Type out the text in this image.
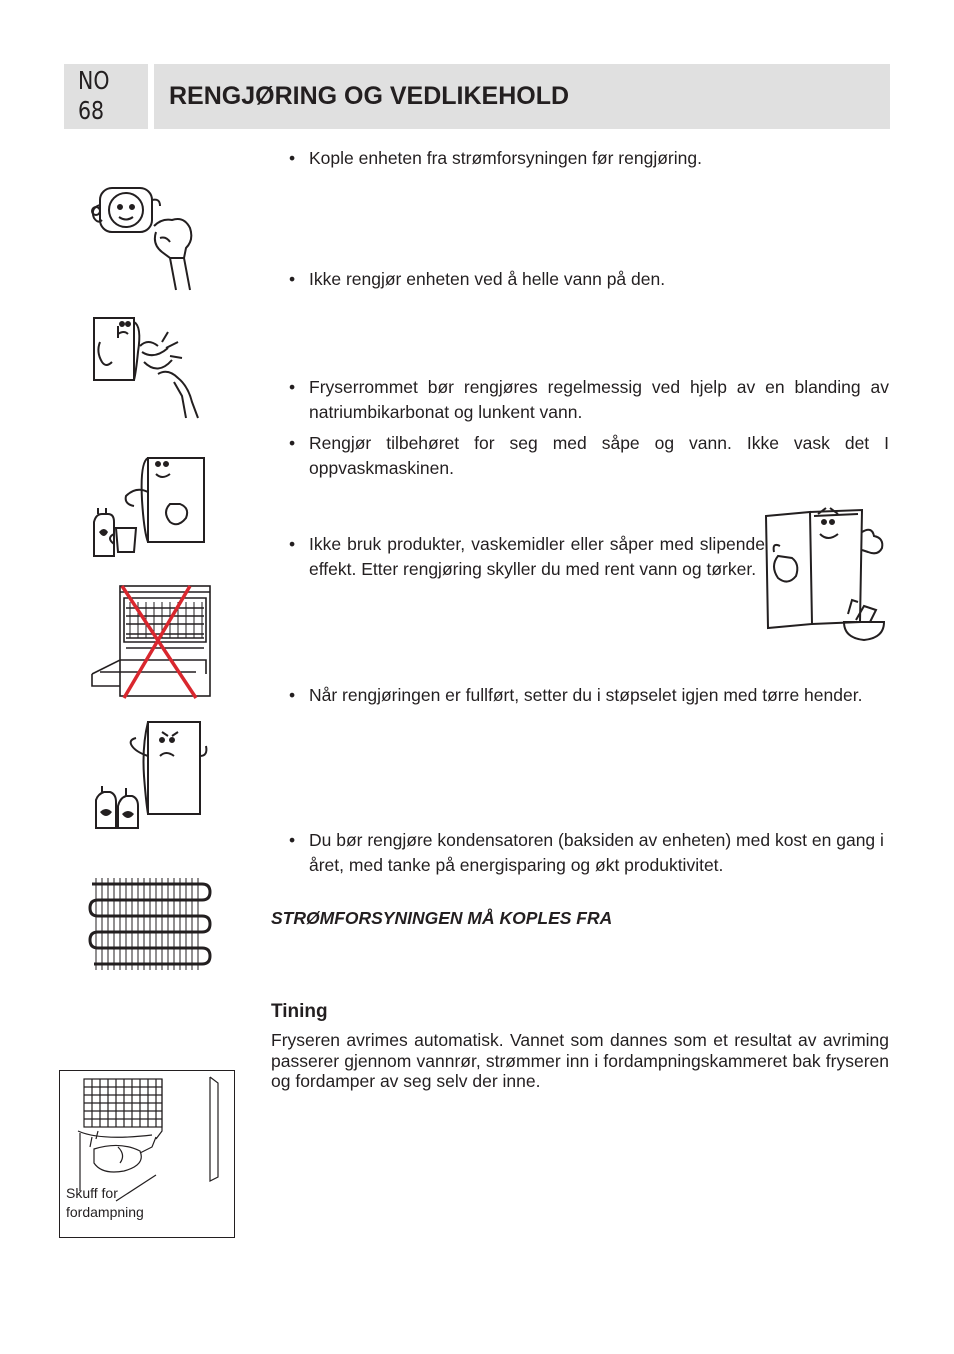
NO
68	RENGJØRING OG VEDLIKEHOLD
• Kople enheten fra strømforsyningen før rengjøring.
• Ikke rengjør enheten ved å helle vann på den.
• Fryserrommet bør rengjøres regelmessig ved hjelp av en blanding av natriumbikarbonat og lunkent vann.
• Rengjør tilbehøret for seg med såpe og vann. Ikke vask det I oppvaskmaskinen.
• Ikke bruk produkter, vaskemidler eller såper med slipende effekt. Etter rengjøring skyller du med rent vann og tørker.
• Når rengjøringen er fullført, setter du i støpselet igjen med tørre hender.
• Du bør rengjøre kondensatoren (baksiden av enheten) med kost en gang i året, med tanke på energisparing og økt produktivitet.
STRØMFORSYNINGEN MÅ KOPLES FRA
Tining
Fryseren avrimes automatisk. Vannet som dannes som et resultat av avriming passerer gjennom vannrør, strømmer inn i fordampningskammeret bak fryseren og fordamper av seg selv der inne.
Skuff for fordampning
